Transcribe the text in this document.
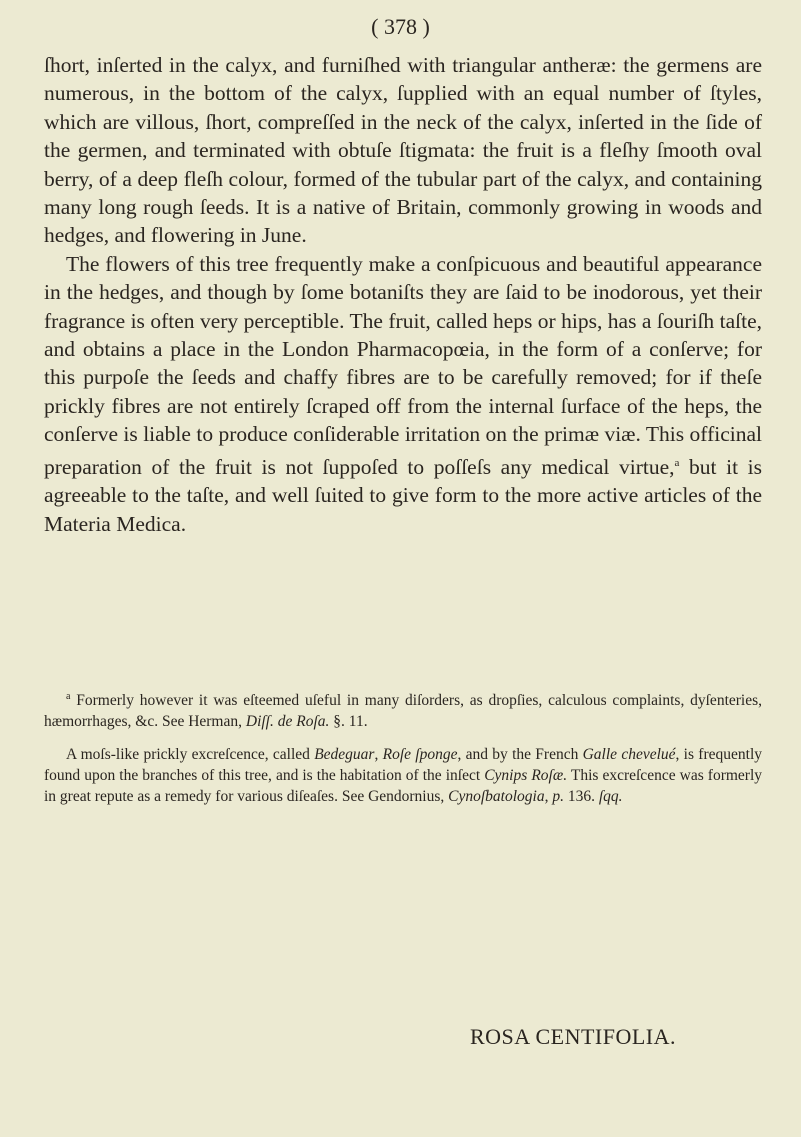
( 378 )

ſhort, inſerted in the calyx, and furniſhed with triangular antheræ: the germens are numerous, in the bottom of the calyx, ſupplied with an equal number of ſtyles, which are villous, ſhort, compreſſed in the neck of the calyx, inſerted in the ſide of the germen, and terminated with obtuſe ſtigmata: the fruit is a fleſhy ſmooth oval berry, of a deep fleſh colour, formed of the tubular part of the calyx, and containing many long rough ſeeds. It is a native of Britain, commonly growing in woods and hedges, and flowering in June.

The flowers of this tree frequently make a conſpicuous and beautiful appearance in the hedges, and though by ſome botaniſts they are ſaid to be inodorous, yet their fragrance is often very perceptible. The fruit, called heps or hips, has a ſouriſh taſte, and obtains a place in the London Pharmacopœia, in the form of a conſerve; for this purpoſe the ſeeds and chaffy fibres are to be carefully removed; for if theſe prickly fibres are not entirely ſcraped off from the internal ſurface of the heps, the conſerve is liable to produce conſiderable irritation on the primæ viæ. This officinal preparation of the fruit is not ſuppoſed to poſſeſs any medical virtue,$^a$ but it is agreeable to the taſte, and well ſuited to give form to the more active articles of the Materia Medica.

$^a$ Formerly however it was eſteemed uſeful in many diſorders, as dropſies, calculous complaints, dyſenteries, hæmorrhages, &c. See Herman, Diſſ. de Roſa. §. 11.

A moſs-like prickly excreſcence, called Bedeguar, Roſe ſponge, and by the French Galle chevelué, is frequently found upon the branches of this tree, and is the habitation of the inſect Cynips Roſæ. This excreſcence was formerly in great repute as a remedy for various diſeaſes. See Gendornius, Cynoſbatologia, p. 136. ſqq.

ROSA CENTIFOLIA.
